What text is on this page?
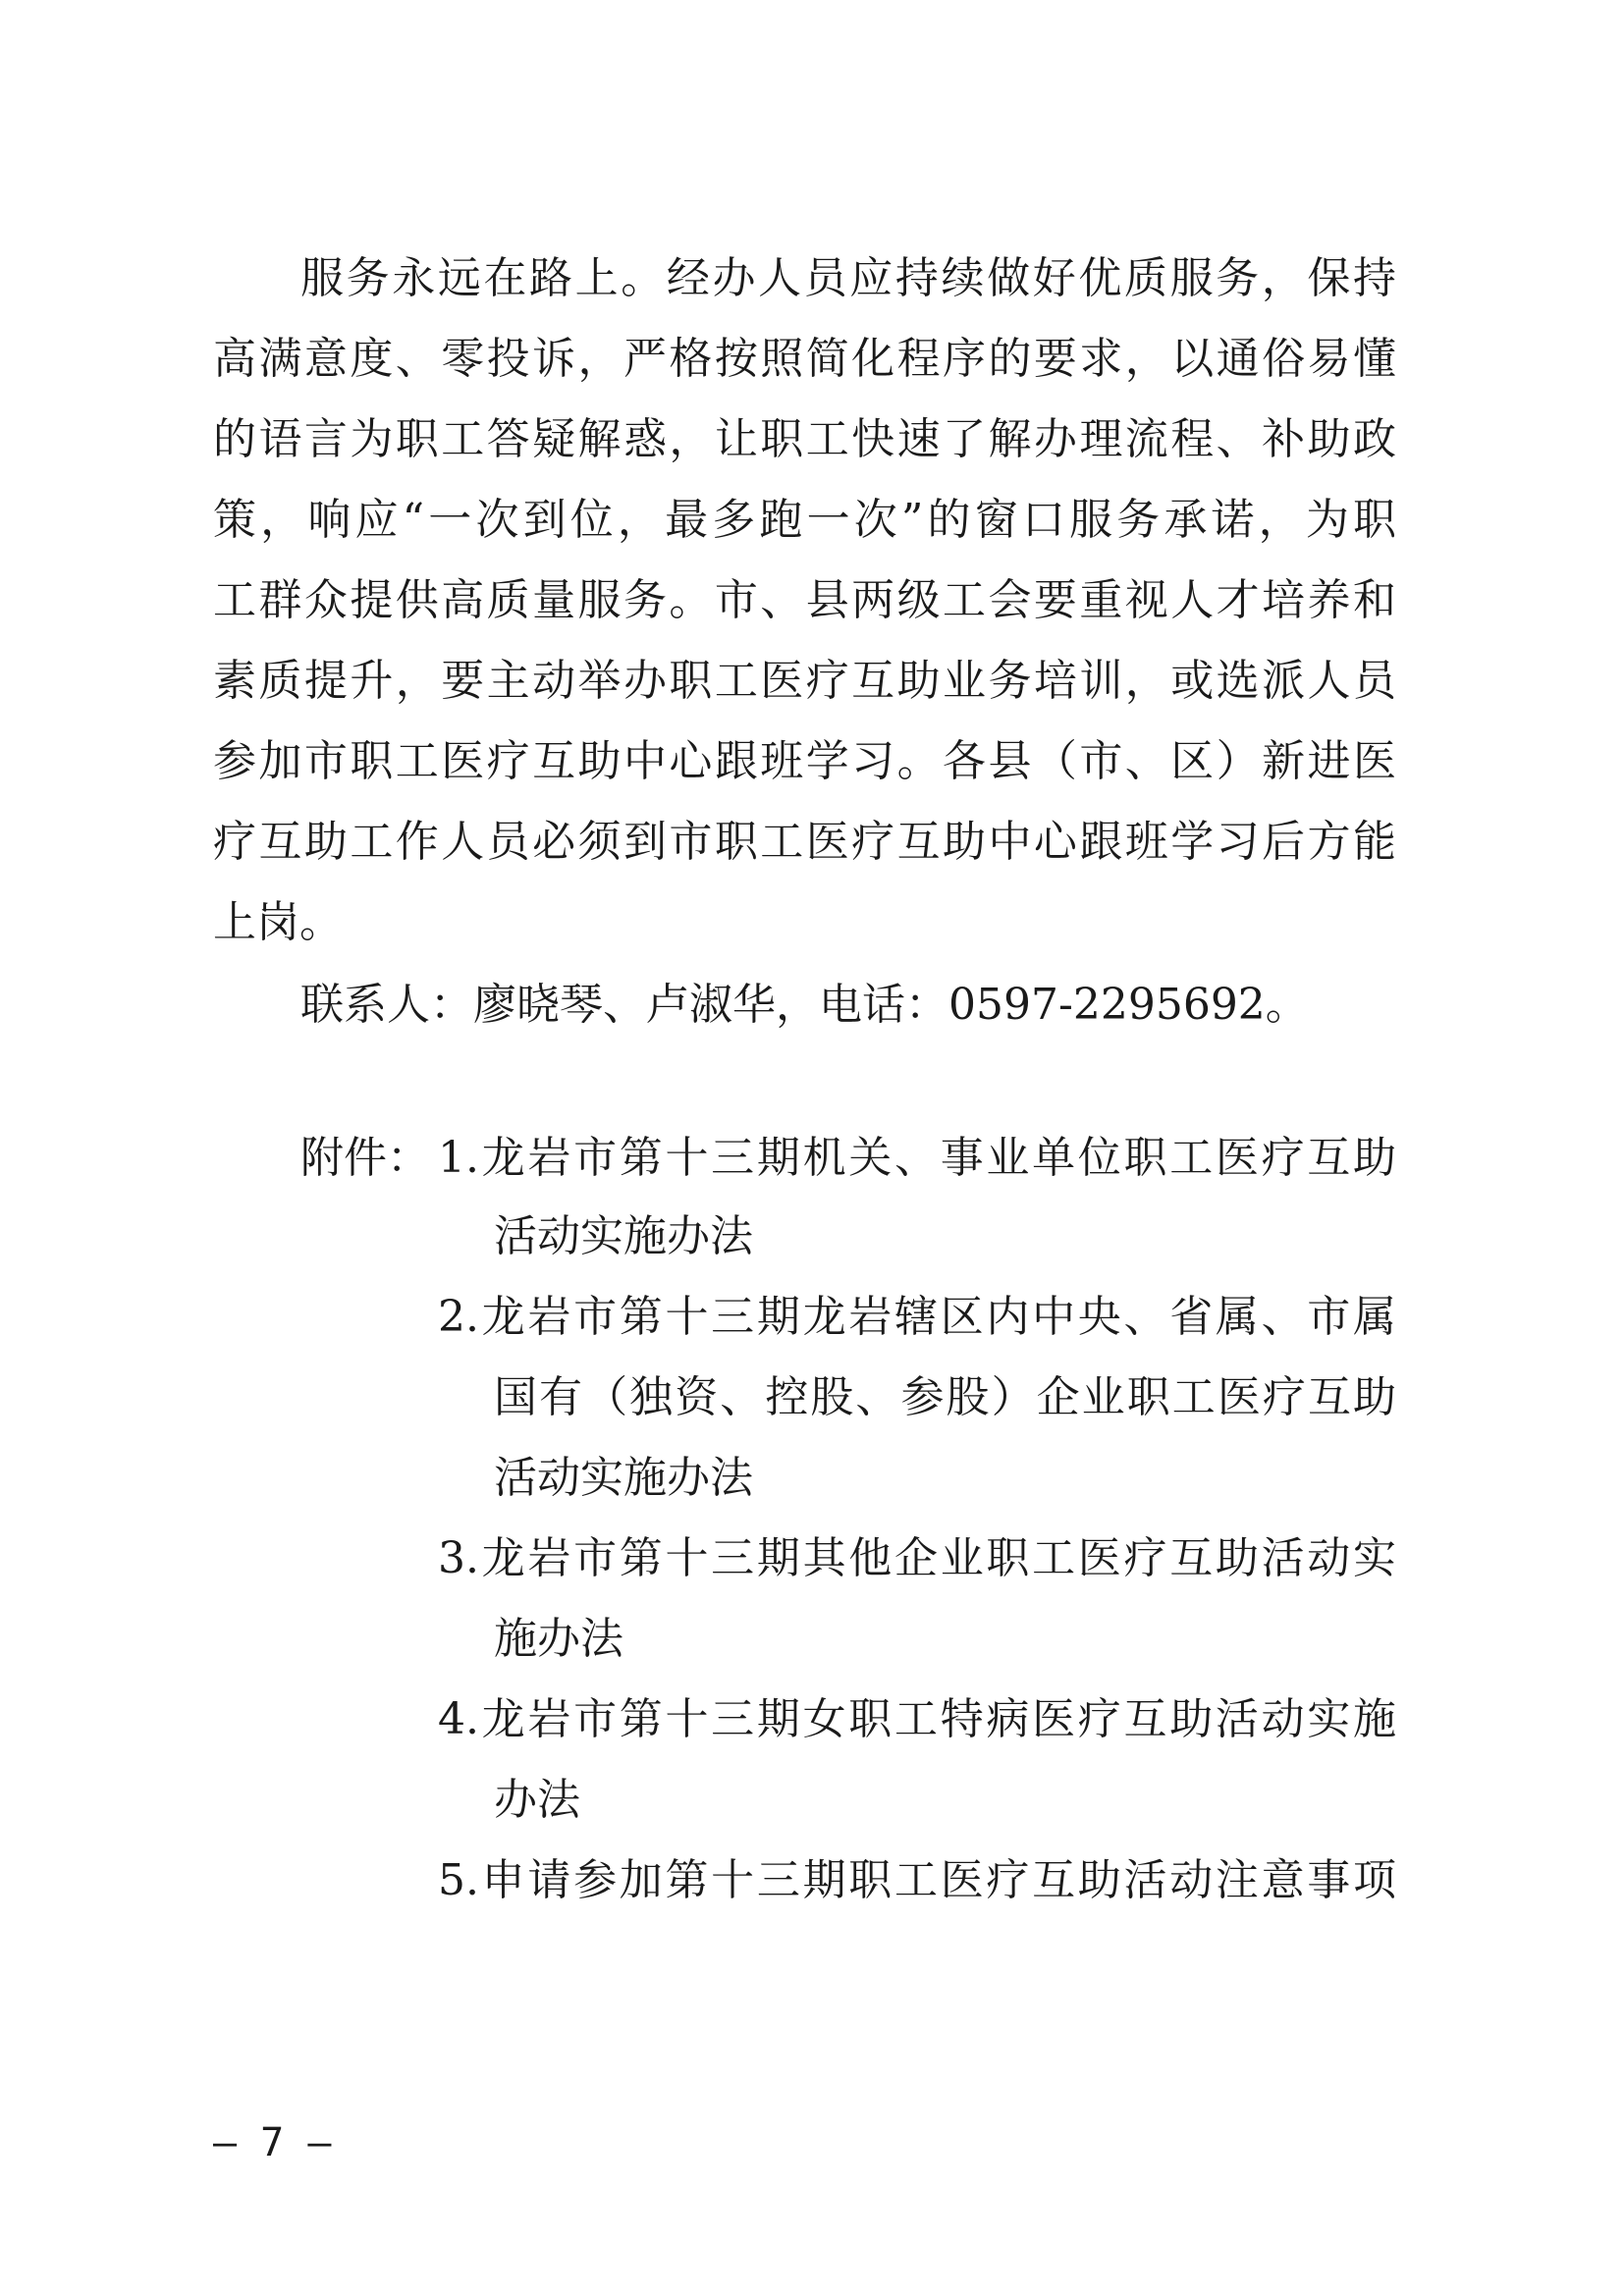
服务永远在路上。经办人员应持续做好优质服务，保持
高满意度、零投诉，严格按照简化程序的要求，以通俗易懂
的语言为职工答疑解惑，让职工快速了解办理流程、补助政
策，响应“一次到位，最多跑一次”的窗口服务承诺，为职
工群众提供高质量服务。市、县两级工会要重视人才培养和
素质提升，要主动举办职工医疗互助业务培训，或选派人员
参加市职工医疗互助中心跟班学习。各县（市、区）新进医
疗互助工作人员必须到市职工医疗互助中心跟班学习后方能
上岗。
联系人：廖晓琴、卢淑华，电话：0597-2295692。
附件： 1.龙岩市第十三期机关、事业单位职工医疗互助
活动实施办法
2.龙岩市第十三期龙岩辖区内中央、省属、市属
国有（独资、控股、参股）企业职工医疗互助
活动实施办法
3.龙岩市第十三期其他企业职工医疗互助活动实
施办法
4.龙岩市第十三期女职工特病医疗互助活动实施
办法
5.申请参加第十三期职工医疗互助活动注意事项
– 7 –
